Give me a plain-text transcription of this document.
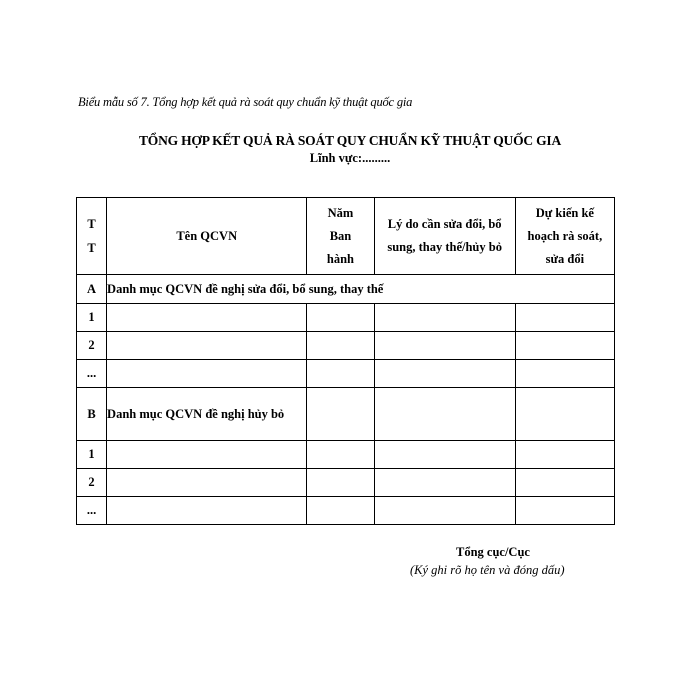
Biểu mẫu số 7. Tổng hợp kết quả rà soát quy chuẩn kỹ thuật quốc gia
TỔNG HỢP KẾT QUẢ RÀ SOÁT QUY CHUẨN KỸ THUẬT QUỐC GIA
Lĩnh vực:.........
TT	Tên QCVN	Năm Ban hành	Lý do cần sửa đổi, bổ sung, thay thế/hủy bỏ	Dự kiến kế hoạch rà soát, sửa đổi
A	Danh mục QCVN đề nghị sửa đổi, bổ sung, thay thế			
1				
2				
...				
B	Danh mục QCVN đề nghị hủy bỏ			
1				
2				
...				
Tổng cục/Cục
(Ký ghi rõ họ tên và đóng dấu)
